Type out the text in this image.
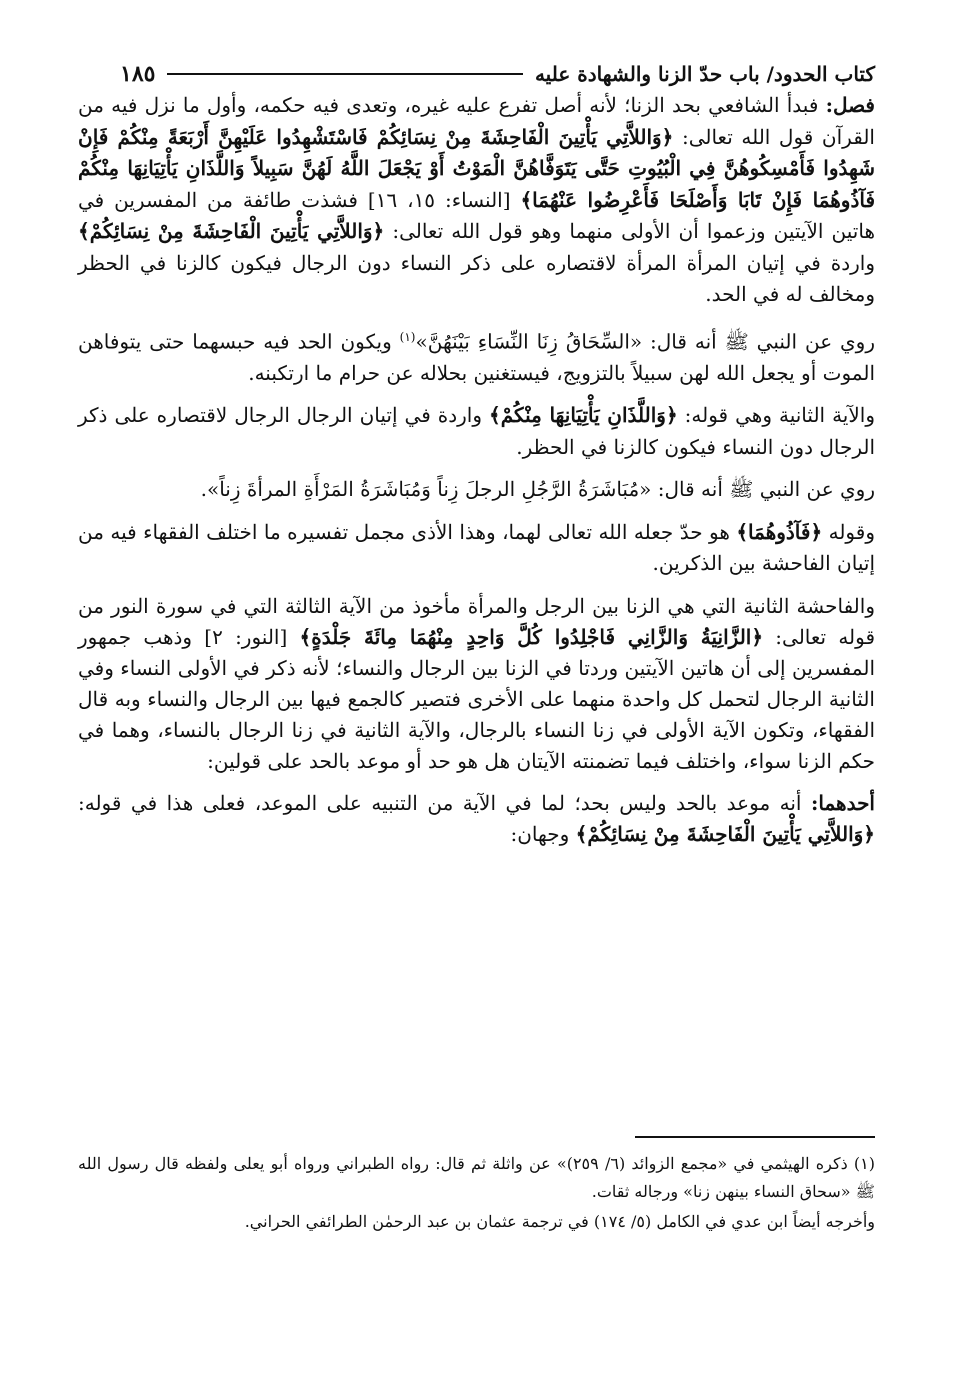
كتاب الحدود/ باب حدّ الزنا والشهادة عليه
١٨٥

فصل: فبدأ الشافعي بحد الزنا؛ لأنه أصل تفرع عليه غيره، وتعدى فيه حكمه، وأول ما نزل فيه من القرآن قول الله تعالى: ﴿وَاللاَّتِي يَأْتِينَ الْفَاحِشَةَ مِنْ نِسَائِكُمْ فَاسْتَشْهِدُوا عَلَيْهِنَّ أَرْبَعَةً مِنْكُمْ فَإِنْ شَهِدُوا فَأَمْسِكُوهُنَّ فِي الْبُيُوتِ حَتَّى يَتَوَفَّاهُنَّ الْمَوْتُ أَوْ يَجْعَلَ اللَّهُ لَهُنَّ سَبِيلاً وَاللَّذَانِ يَأْتِيَانِهَا مِنْكُمْ فَآذُوهُمَا فَإِنْ تَابَا وَأَصْلَحَا فَأَعْرِضُوا عَنْهُمَا﴾ [النساء: ١٥، ١٦] فشذت طائفة من المفسرين في هاتين الآيتين وزعموا أن الأولى منهما وهو قول الله تعالى: ﴿وَاللاَّتِي يَأْتِينَ الْفَاحِشَةَ مِنْ نِسَائِكُمْ﴾ واردة في إتيان المرأة المرأة لاقتصاره على ذكر النساء دون الرجال فيكون كالزنا في الحظر ومخالف له في الحد.

روي عن النبي ﷺ أنه قال: «السِّحَاقُ زِنَا النِّسَاءِ بَيْنَهُنَّ»$^{(١)}$ ويكون الحد فيه حبسهما حتى يتوفاهن الموت أو يجعل الله لهن سبيلاً بالتزويج، فيستغنين بحلاله عن حرام ما ارتكبنه.

والآية الثانية وهي قوله: ﴿وَاللَّذَانِ يَأْتِيَانِهَا مِنْكُمْ﴾ واردة في إتيان الرجال الرجال لاقتصاره على ذكر الرجال دون النساء فيكون كالزنا في الحظر.

روي عن النبي ﷺ أنه قال: «مُبَاشَرَةُ الرَّجُلِ الرجلَ زِناً وَمُبَاشَرَةُ المَرْأَةِ المرأةَ زِناً».

وقوله ﴿فَآذُوهُمَا﴾ هو حدّ جعله الله تعالى لهما، وهذا الأذى مجمل تفسيره ما اختلف الفقهاء فيه من إتيان الفاحشة بين الذكرين.

والفاحشة الثانية التي هي الزنا بين الرجل والمرأة مأخوذ من الآية الثالثة التي في سورة النور من قوله تعالى: ﴿الزَّانِيَةُ وَالزَّانِي فَاجْلِدُوا كُلَّ وَاحِدٍ مِنْهُمَا مِائَةَ جَلْدَةٍ﴾ [النور: ٢] وذهب جمهور المفسرين إلى أن هاتين الآيتين وردتا في الزنا بين الرجال والنساء؛ لأنه ذكر في الأولى النساء وفي الثانية الرجال لتحمل كل واحدة منهما على الأخرى فتصير كالجمع فيها بين الرجال والنساء وبه قال الفقهاء، وتكون الآية الأولى في زنا النساء بالرجال، والآية الثانية في زنا الرجال بالنساء، وهما في حكم الزنا سواء، واختلف فيما تضمنته الآيتان هل هو حد أو موعد بالحد على قولين:

أحدهما: أنه موعد بالحد وليس بحد؛ لما في الآية من التنبيه على الموعد، فعلى هذا في قوله: ﴿وَاللاَّتِي يَأْتِينَ الْفَاحِشَةَ مِنْ نِسَائِكُمْ﴾ وجهان:

(١) ذكره الهيثمي في «مجمع الزوائد (٦/ ٢٥٩)» عن واثلة ثم قال: رواه الطبراني ورواه أبو يعلى ولفظه قال رسول الله ﷺ «سحاق النساء بينهن زنا» ورجاله ثقات.

وأخرجه أيضاً ابن عدي في الكامل (٥/ ١٧٤) في ترجمة عثمان بن عبد الرحمٰن الطرائفي الحراني.
